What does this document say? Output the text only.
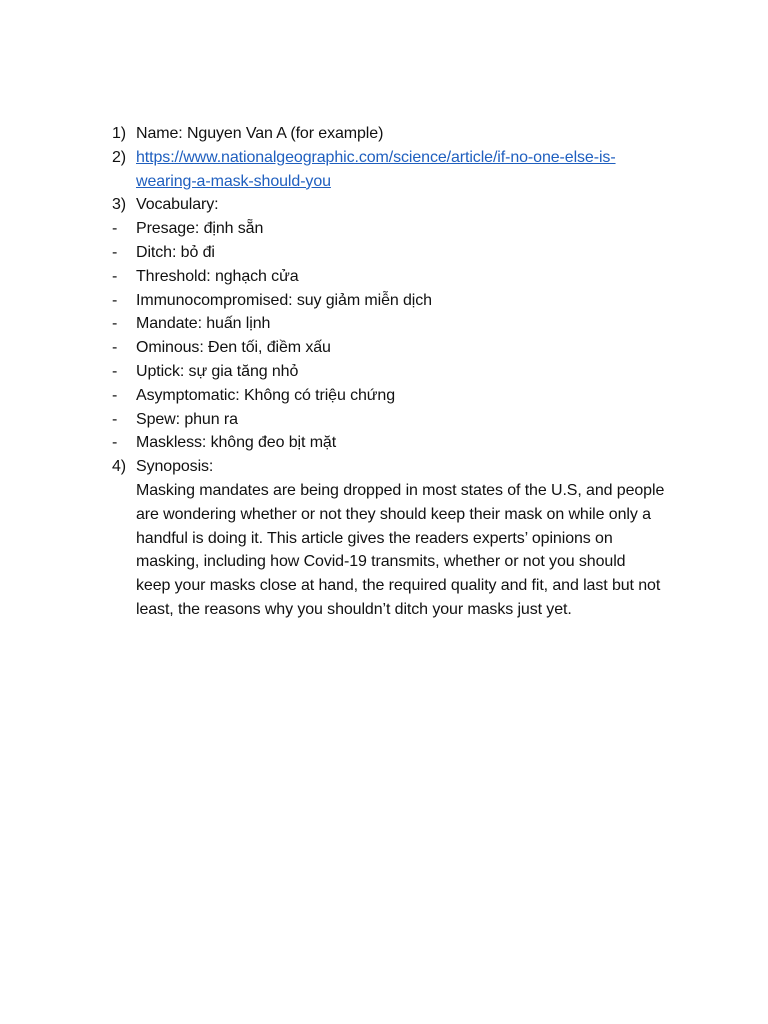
1) Name: Nguyen Van A (for example)
2) https://www.nationalgeographic.com/science/article/if-no-one-else-is-
wearing-a-mask-should-you
3) Vocabulary:
- Presage: định sẵn
- Ditch: bỏ đi
- Threshold: nghạch cửa
- Immunocompromised: suy giảm miễn dịch
- Mandate: huấn lịnh
- Ominous: Đen tối, điềm xấu
- Uptick: sự gia tăng nhỏ
- Asymptomatic: Không có triệu chứng
- Spew: phun ra
- Maskless: không đeo bịt mặt
4) Synoposis:
Masking mandates are being dropped in most states of the U.S, and people
are wondering whether or not they should keep their mask on while only a
handful is doing it. This article gives the readers experts’ opinions on
masking, including how Covid-19 transmits, whether or not you should
keep your masks close at hand, the required quality and fit, and last but not
least, the reasons why you shouldn’t ditch your masks just yet.
